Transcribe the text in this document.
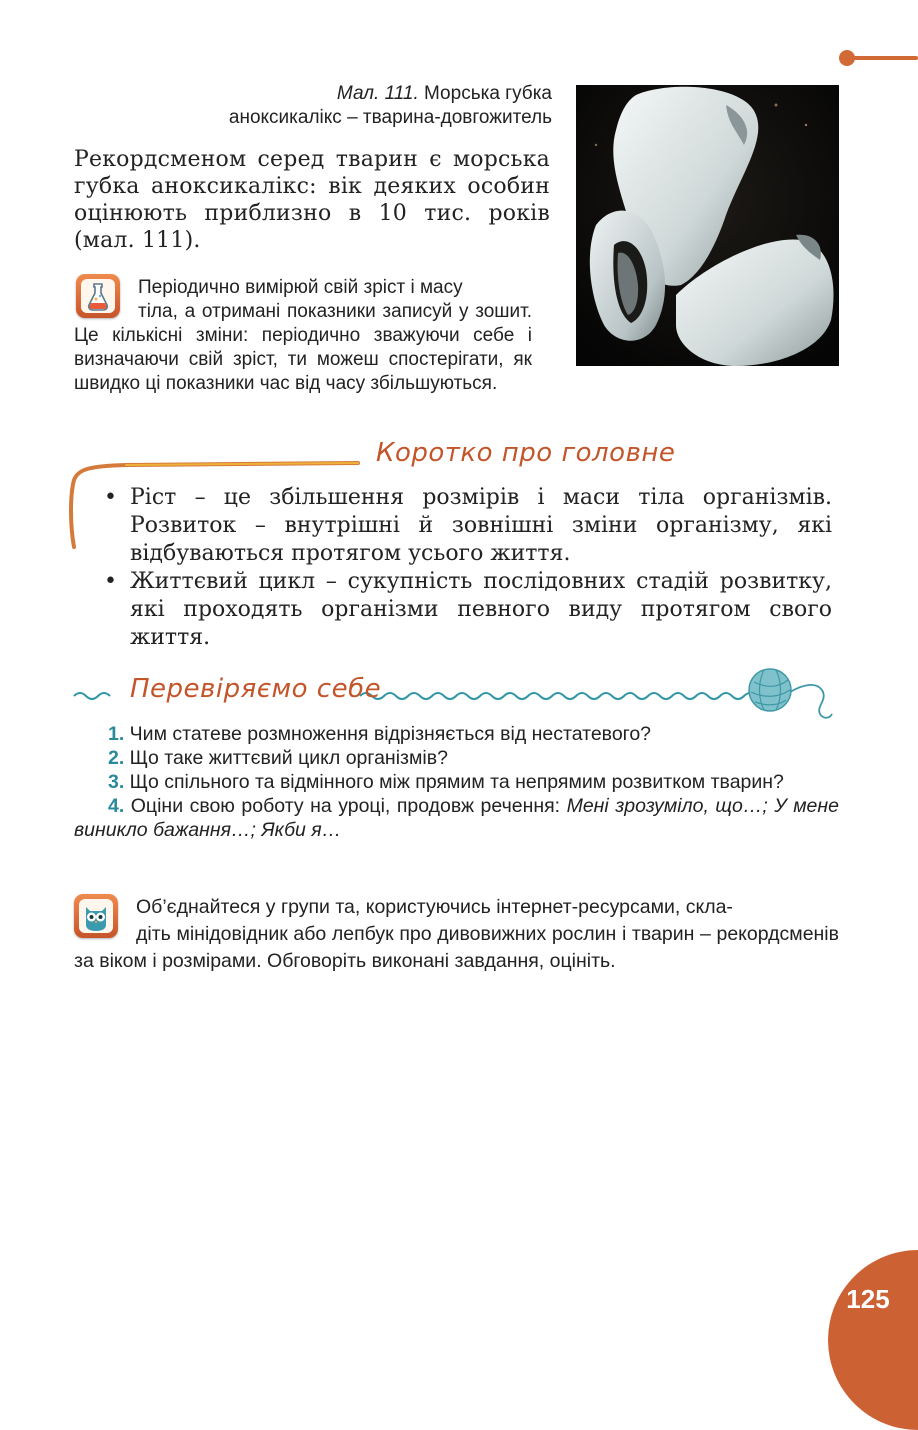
Мал. 111. Морська губка
аноксикалікс – тварина-довгожитель
Рекордсменом серед тварин є морська губка аноксикалікс: вік деяких особин оцінюють приблизно в 10 тис. років (мал. 111).
Періодично вимірюй свій зріст і масу
тіла, а отримані показники записуй у зошит. Це кількісні зміни: періодично зважуючи себе і визначаючи свій зріст, ти можеш спостерігати, як швидко ці показники час від часу збільшуються.
Коротко про головне
• Ріст – це збільшення розмірів і маси тіла організмів. Розвиток – внутрішні й зовнішні зміни організму, які відбуваються протягом усього життя.
• Життєвий цикл – сукупність послідовних стадій розвитку, які проходять організми певного виду протягом свого життя.
Перевіряємо себе
1. Чим статеве розмноження відрізняється від нестатевого?
2. Що таке життєвий цикл організмів?
3. Що спільного та відмінного між прямим та непрямим розвитком тварин?
4. Оціни свою роботу на уроці, продовж речення: Мені зрозуміло, що…; У мене виникло бажання…; Якби я…
Об’єднайтеся у групи та, користуючись інтернет-ресурсами, скла-
діть мінідовідник або лепбук про дивовижних рослин і тварин – рекордсменів за віком і розмірами. Обговоріть виконані завдання, оцініть.
125
